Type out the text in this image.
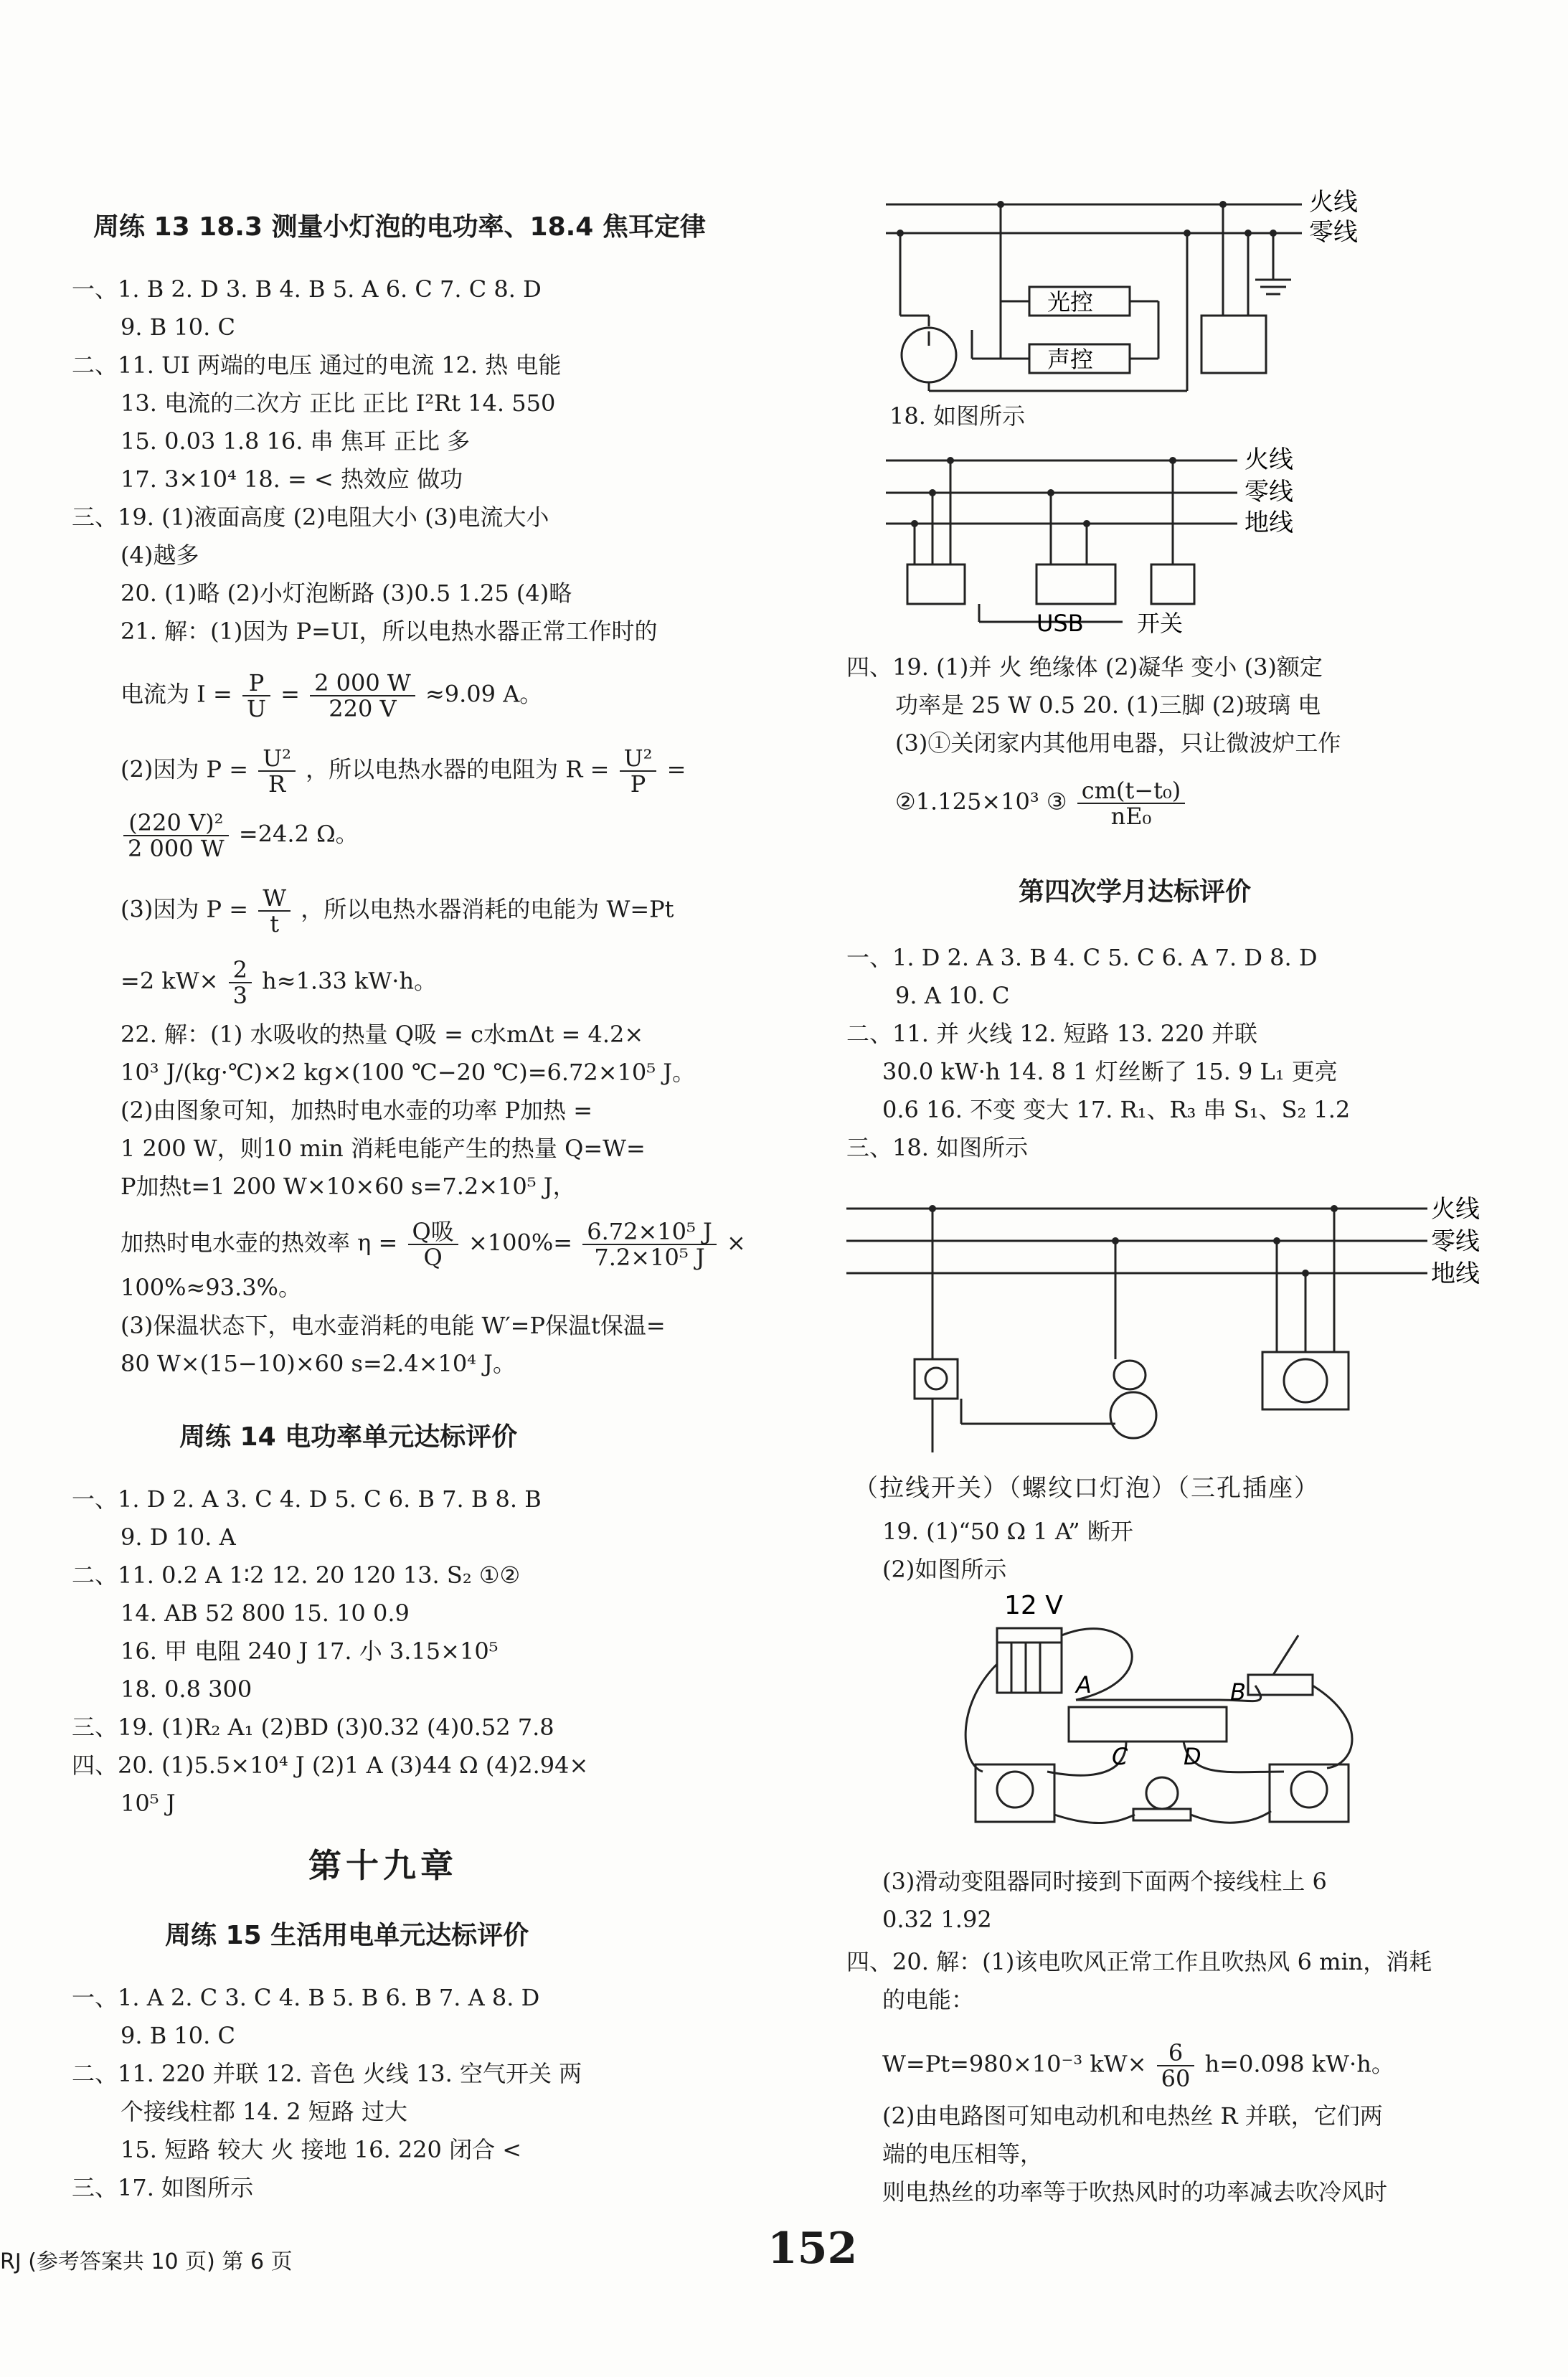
周练 13 18.3 测量小灯泡的电功率、18.4 焦耳定律
一、1. B 2. D 3. B 4. B 5. A 6. C 7. C 8. D
9. B 10. C
二、11. UI 两端的电压 通过的电流 12. 热 电能
13. 电流的二次方 正比 正比 I²Rt 14. 550
15. 0.03 1.8 16. 串 焦耳 正比 多
17. 3×10⁴ 18. = < 热效应 做功
三、19. (1)液面高度 (2)电阻大小 (3)电流大小
(4)越多
20. (1)略 (2)小灯泡断路 (3)0.5 1.25 (4)略
21. 解：(1)因为 P=UI，所以电热水器正常工作时的
电流为 $I = \frac{P}{U} = \frac{2 000 W}{220 V} \approx 9.09$ A。
(2)因为 $P = \frac{\text{U²}}{R}$ ，所以电热水器的电阻为 $R = \frac{\text{U²}}{P}$ =
$\frac{\text{(220 V)²}}{2 000 W} =24.2$ Ω。
(3)因为 $P = \frac{W}{t}$ ，所以电热水器消耗的电能为 W=Pt
=2 $kW\times \frac{2}{3} h\approx 1.33$ kW·h。
22. 解：(1) 水吸收的热量 Q吸 = c水mΔt = 4.2×
10³ J/(kg·℃)×2 kg×(100 ℃−20 ℃)=6.72×10⁵ J。
(2)由图象可知，加热时电水壶的功率 P加热 =
1 200 W，则10 min 消耗电能产生的热量 Q=W=
P加热t=1 200 W×10×60 s=7.2×10⁵ J，
加热时电水壶的热效率 $\eta = \frac{\text{Q吸}}{Q} \times 100\%= \frac{\text{6.72×10⁵ J}}{\text{7.2×10⁵ J}}$ ×
100%≈93.3%。
(3)保温状态下，电水壶消耗的电能 W′=P保温t保温=
80 W×(15−10)×60 s=2.4×10⁴ J。
周练 14 电功率单元达标评价
一、1. D 2. A 3. C 4. D 5. C 6. B 7. B 8. B
9. D 10. A
二、11. 0.2 A 1∶2 12. 20 120 13. S₂ ①②
14. AB 52 800 15. 10 0.9
16. 甲 电阻 240 J 17. 小 3.15×10⁵
18. 0.8 300
三、19. (1)R₂ A₁ (2)BD (3)0.32 (4)0.52 7.8
四、20. (1)5.5×10⁴ J (2)1 A (3)44 Ω (4)2.94×
10⁵ J
第十九章
周练 15 生活用电单元达标评价
一、1. A 2. C 3. C 4. B 5. B 6. B 7. A 8. D
9. B 10. C
二、11. 220 并联 12. 音色 火线 13. 空气开关 两
个接线柱都 14. 2 短路 过大
15. 短路 较大 火 接地 16. 220 闭合 <
三、17. 如图所示
火线
零线
光控
声控
18. 如图所示
火线
零线
地线
USB 开关
四、19. (1)并 火 绝缘体 (2)凝华 变小 (3)额定
功率是 25 W 0.5 20. (1)三脚 (2)玻璃 电
(3)①关闭家内其他用电器，只让微波炉工作
②1.125×10³ ③ $\frac{\text{cm(t−t₀)}}{\text{nE₀}}$
第四次学月达标评价
一、1. D 2. A 3. B 4. C 5. C 6. A 7. D 8. D
9. A 10. C
二、11. 并 火线 12. 短路 13. 220 并联
30.0 kW·h 14. 8 1 灯丝断了 15. 9 L₁ 更亮
0.6 16. 不变 变大 17. R₁、R₃ 串 S₁、S₂ 1.2
三、18. 如图所示
火线
零线
地线
（拉线开关）（螺纹口灯泡）（三孔插座）
19. (1)“50 Ω 1 A” 断开
(2)如图所示
12 V
A	B
C D
(3)滑动变阻器同时接到下面两个接线柱上 6
0.32 1.92
四、20. 解：(1)该电吹风正常工作且吹热风 6 min，消耗
的电能：
W=Pt=980×10⁻³ $kW\times \frac{6}{60} h=0.098$ kW·h。
(2)由电路图可知电动机和电热丝 R 并联，它们两
端的电压相等，
则电热丝的功率等于吹热风时的功率减去吹冷风时
RJ (参考答案共 10 页) 第 6 页	152
